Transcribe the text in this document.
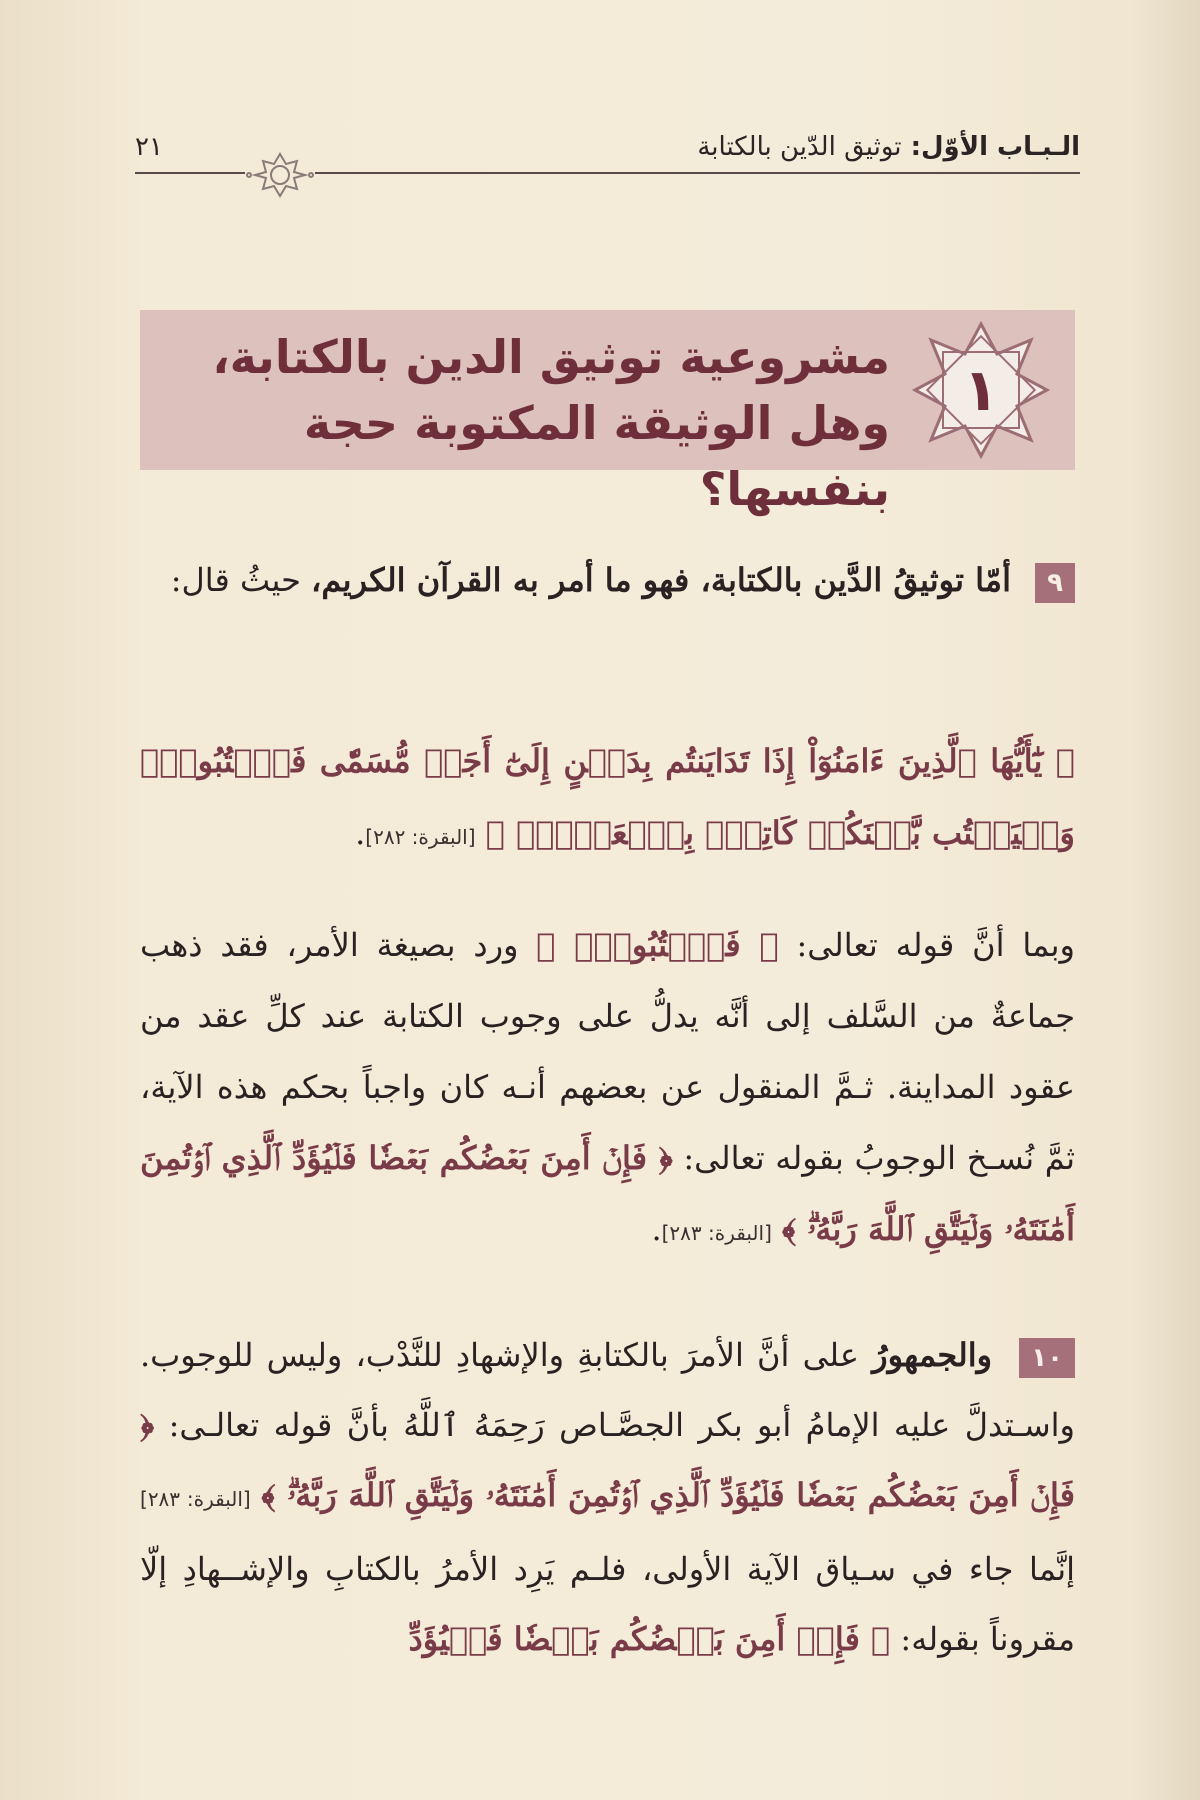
الـبـاب الأوّل: توثيق الدّين بالكتابة
٢١
١
مشروعية توثيق الدين بالكتابة،
وهل الوثيقة المكتوبة حجة بنفسها؟
٩ أمّا توثيقُ الدَّين بالكتابة، فهو ما أمر به القرآن الكريم، حيثُ قال:
﴿ يَٰٓأَيُّهَا ٱلَّذِينَ ءَامَنُوٓاْ إِذَا تَدَايَنتُم بِدَيۡنٍ إِلَىٰٓ أَجَلٖ مُّسَمّٗى فَٱكۡتُبُوهُۚ وَلۡيَكۡتُب بَّيۡنَكُمۡ كَاتِبُۢ بِٱلۡعَدۡلِۚ ﴾ [البقرة: ٢٨٢].
وبما أنَّ قوله تعالى: ﴿ فَٱكۡتُبُوهُۚ ﴾ ورد بصيغة الأمر، فقد ذهب جماعةٌ من السَّلف إلى أنَّه يدلُّ على وجوب الكتابة عند كلِّ عقد من عقود المداينة. ثـمَّ المنقول عن بعضهم أنـه كان واجباً بحكم هذه الآية، ثمَّ نُسـخ الوجوبُ بقوله تعالى: ﴿ فَإِنۡ أَمِنَ بَعۡضُكُم بَعۡضٗا فَلۡيُؤَدِّ ٱلَّذِي ٱؤۡتُمِنَ أَمَٰنَتَهُۥ وَلۡيَتَّقِ ٱللَّهَ رَبَّهُۥۗ ﴾ [البقرة: ٢٨٣].
١٠ والجمهورُ على أنَّ الأمرَ بالكتابةِ والإشهادِ للنَّدْب، وليس للوجوب. واسـتدلَّ عليه الإمامُ أبو بكر الجصَّـاص رَحِمَهُ ٱللَّهُ بأنَّ قوله تعالـى: ﴿ فَإِنۡ أَمِنَ بَعۡضُكُم بَعۡضٗا فَلۡيُؤَدِّ ٱلَّذِي ٱؤۡتُمِنَ أَمَٰنَتَهُۥ وَلۡيَتَّقِ ٱللَّهَ رَبَّهُۥۗ ﴾ [البقرة: ٢٨٣] إنَّما جاء في سـياق الآية الأولى، فلـم يَرِد الأمرُ بالكتابِ والإشــهادِ إلّا مقروناً بقوله: ﴿ فَإِنۡ أَمِنَ بَعۡضُكُم بَعۡضٗا فَلۡيُؤَدِّ
